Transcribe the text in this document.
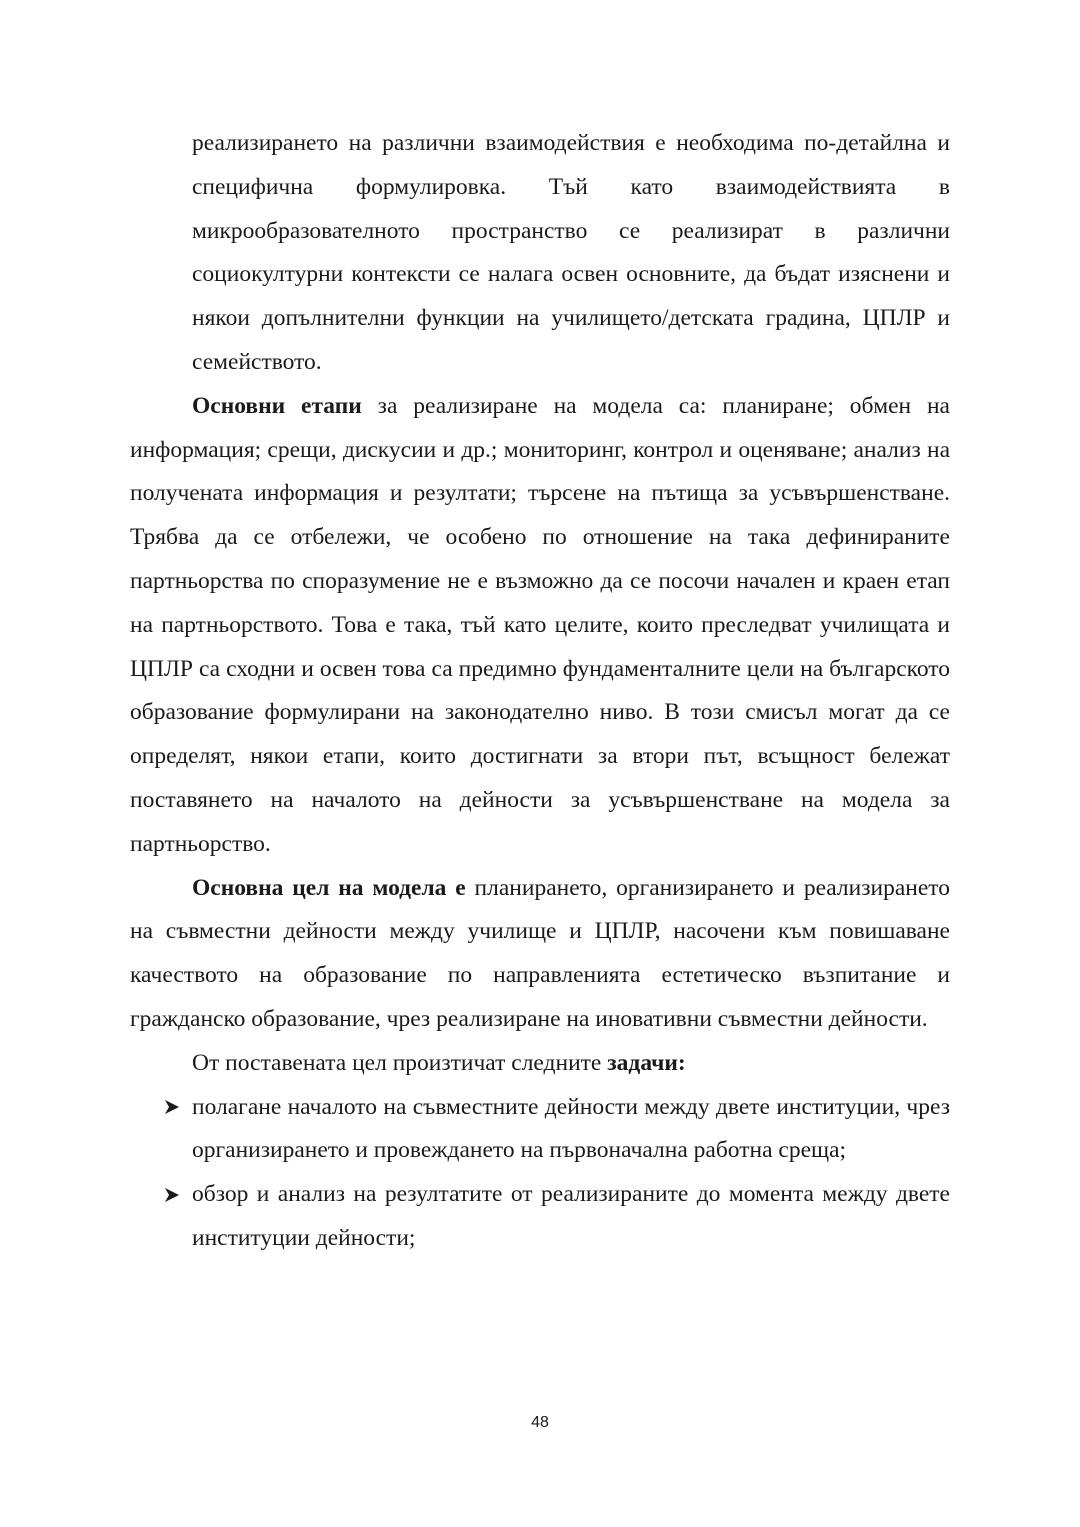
реализирането на различни взаимодействия е необходима по-детайлна и специфична формулировка. Тъй като взаимодействията в микрообразователното пространство се реализират в различни социокултурни контексти се налага освен основните, да бъдат изяснени и някои допълнителни функции на училището/детската градина, ЦПЛР и семейството.

Основни етапи за реализиране на модела са: планиране; обмен на информация; срещи, дискусии и др.; мониторинг, контрол и оценяване; анализ на получената информация и резултати; търсене на пътища за усъвършенстване. Трябва да се отбележи, че особено по отношение на така дефинираните партньорства по споразумение не е възможно да се посочи начален и краен етап на партньорството. Това е така, тъй като целите, които преследват училищата и ЦПЛР са сходни и освен това са предимно фундаменталните цели на българското образование формулирани на законодателно ниво. В този смисъл могат да се определят, някои етапи, които достигнати за втори път, всъщност бележат поставянето на началото на дейности за усъвършенстване на модела за партньорство.

Основна цел на модела е планирането, организирането и реализирането на съвместни дейности между училище и ЦПЛР, насочени към повишаване качеството на образование по направленията естетическо възпитание и гражданско образование, чрез реализиране на иновативни съвместни дейности.

От поставената цел произтичат следните задачи:

полагане началото на съвместните дейности между двете институции, чрез организирането и провеждането на първоначална работна среща;
обзор и анализ на резултатите от реализираните до момента между двете институции дейности;
48
